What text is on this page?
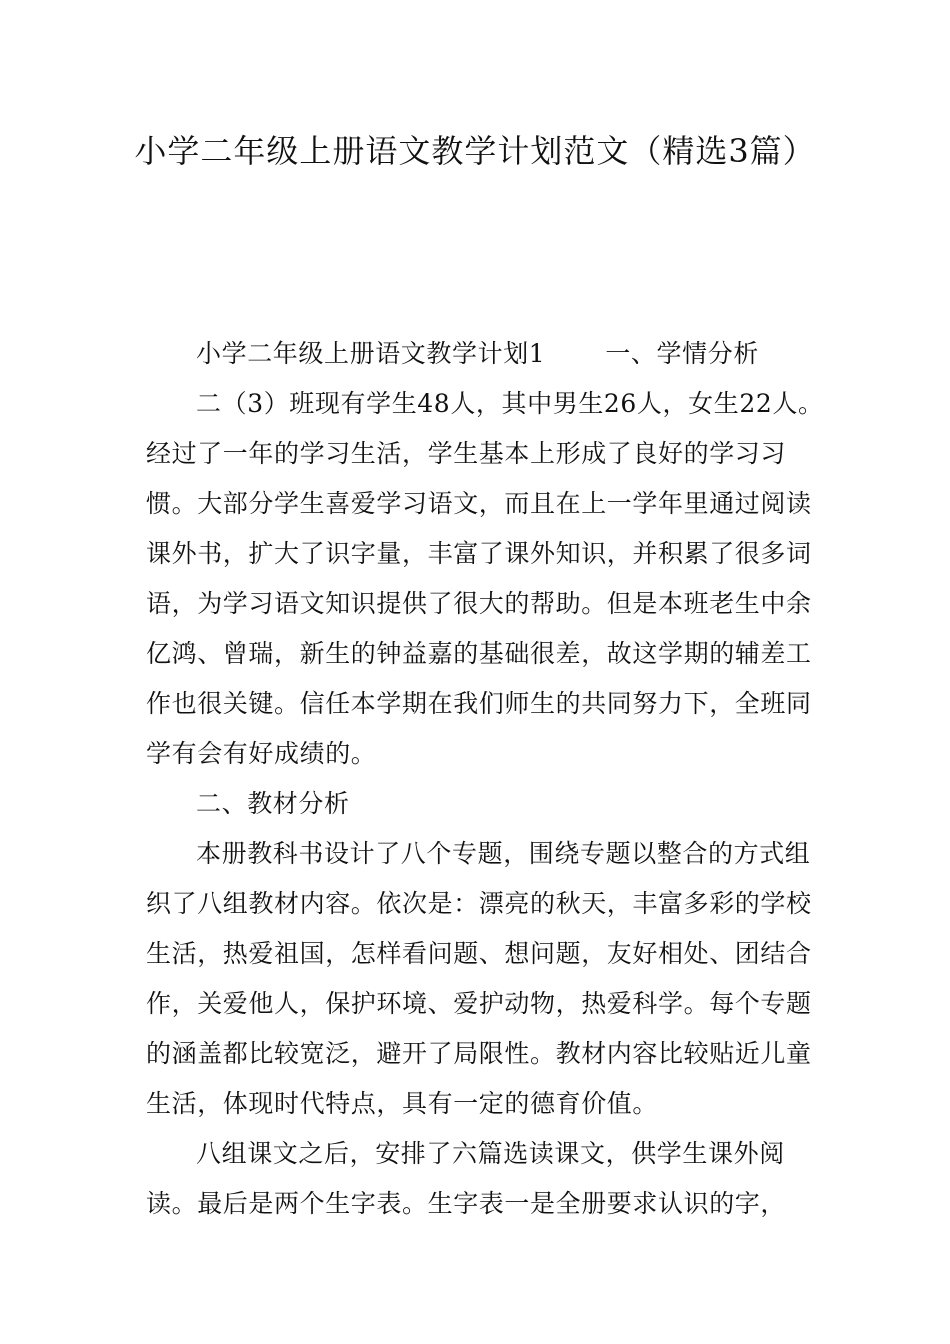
小学二年级上册语文教学计划范文（精选3篇）
小学二年级上册语文教学计划1 一、学情分析

二（3）班现有学生48人，其中男生26人，女生22人。经过了一年的学习生活，学生基本上形成了良好的学习习惯。大部分学生喜爱学习语文，而且在上一学年里通过阅读课外书，扩大了识字量，丰富了课外知识，并积累了很多词语，为学习语文知识提供了很大的帮助。但是本班老生中余亿鸿、曾瑞，新生的钟益嘉的基础很差，故这学期的辅差工作也很关键。信任本学期在我们师生的共同努力下，全班同学有会有好成绩的。

二、教材分析

本册教科书设计了八个专题，围绕专题以整合的方式组织了八组教材内容。依次是：漂亮的秋天，丰富多彩的学校生活，热爱祖国，怎样看问题、想问题，友好相处、团结合作，关爱他人，保护环境、爱护动物，热爱科学。每个专题的涵盖都比较宽泛，避开了局限性。教材内容比较贴近儿童生活，体现时代特点，具有一定的德育价值。

八组课文之后，安排了六篇选读课文，供学生课外阅读。最后是两个生字表。生字表一是全册要求认识的字，
